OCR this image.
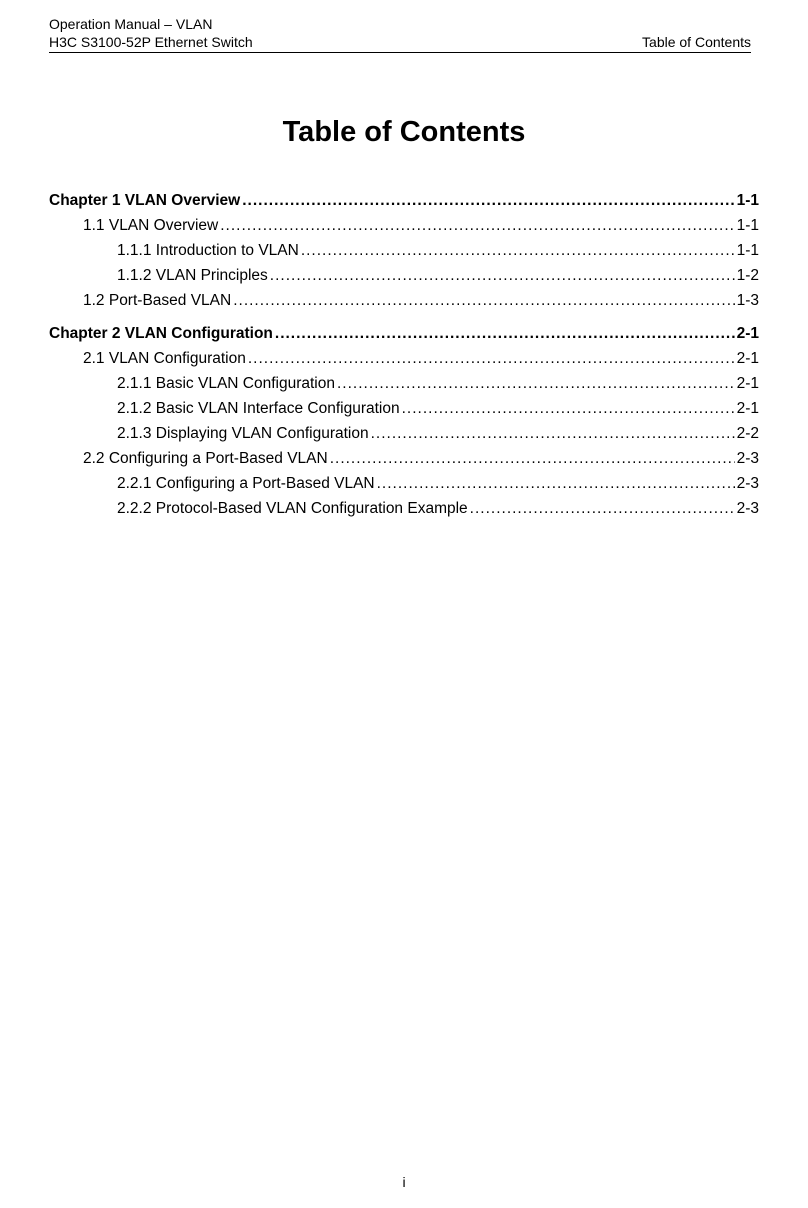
Operation Manual – VLAN
H3C S3100-52P Ethernet Switch	Table of Contents
Table of Contents
Chapter 1 VLAN Overview .....	1-1
1.1 VLAN Overview .....	1-1
1.1.1 Introduction to VLAN .....	1-1
1.1.2 VLAN Principles .....	1-2
1.2 Port-Based VLAN .....	1-3
Chapter 2 VLAN Configuration .....	2-1
2.1 VLAN Configuration .....	2-1
2.1.1 Basic VLAN Configuration .....	2-1
2.1.2 Basic VLAN Interface Configuration .....	2-1
2.1.3 Displaying VLAN Configuration .....	2-2
2.2 Configuring a Port-Based VLAN .....	2-3
2.2.1 Configuring a Port-Based VLAN .....	2-3
2.2.2 Protocol-Based VLAN Configuration Example .....	2-3
i
